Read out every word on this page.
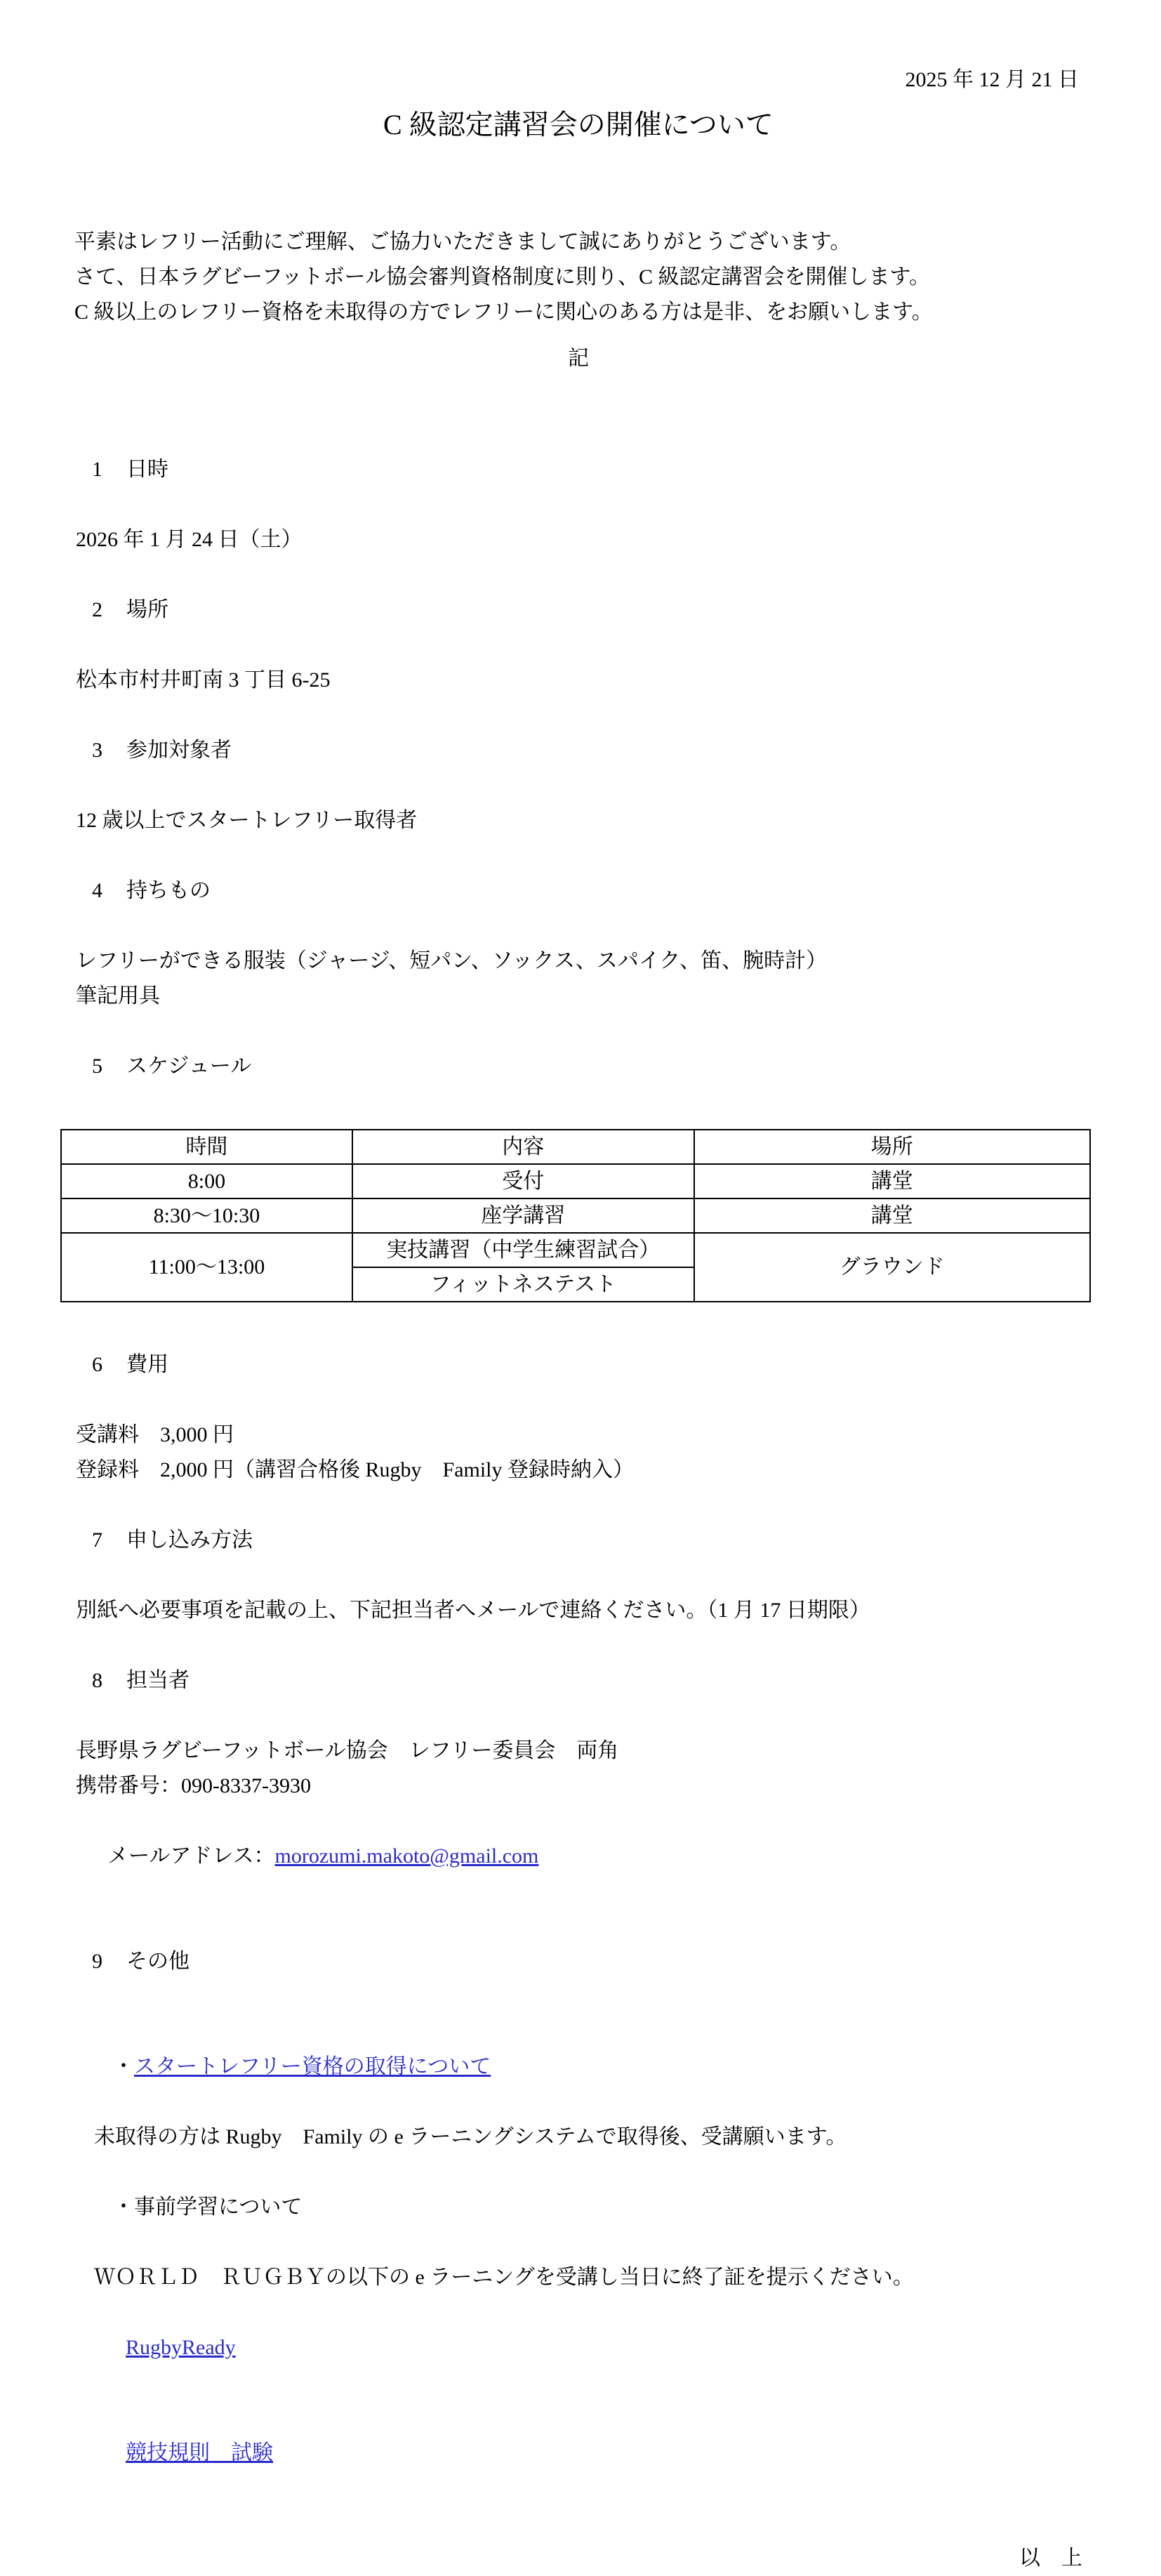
2025 年 12 月 21 日
C 級認定講習会の開催について
平素はレフリー活動にご理解、ご協力いただきまして誠にありがとうございます。
さて、日本ラグビーフットボール協会審判資格制度に則り、C 級認定講習会を開催します。
C 級以上のレフリー資格を未取得の方でレフリーに関心のある方は是非、をお願いします。
記

1 日時

2026 年 1 月 24 日（土）

2 場所

松本市村井町南 3 丁目 6-25

3 参加対象者

12 歳以上でスタートレフリー取得者

4 持ちもの

レフリーができる服装（ジャージ、短パン、ソックス、スパイク、笛、腕時計）
筆記用具

5 スケジュール

時間	内容	場所
8:00	受付	講堂
8:30〜10:30	座学講習	講堂
11:00〜13:00	実技講習（中学生練習試合）	グラウンド
	フィットネステスト	

6 費用

受講料　3,000 円
登録料　2,000 円（講習合格後 Rugby　Family 登録時納入）

7 申し込み方法

別紙へ必要事項を記載の上、下記担当者へメールで連絡ください。（1 月 17 日期限）

8 担当者

長野県ラグビーフットボール協会　レフリー委員会　両角
携帯番号：090-8337-3930

メールアドレス：morozumi.makoto@gmail.com

9 その他

・スタートレフリー資格の取得について

未取得の方は Rugby　Family の e ラーニングシステムで取得後、受講願います。

・事前学習について

ＷＯＲＬＤ　ＲＵＧＢＹの以下の e ラーニングを受講し当日に終了証を提示ください。

RugbyReady

競技規則　試験

以　上
